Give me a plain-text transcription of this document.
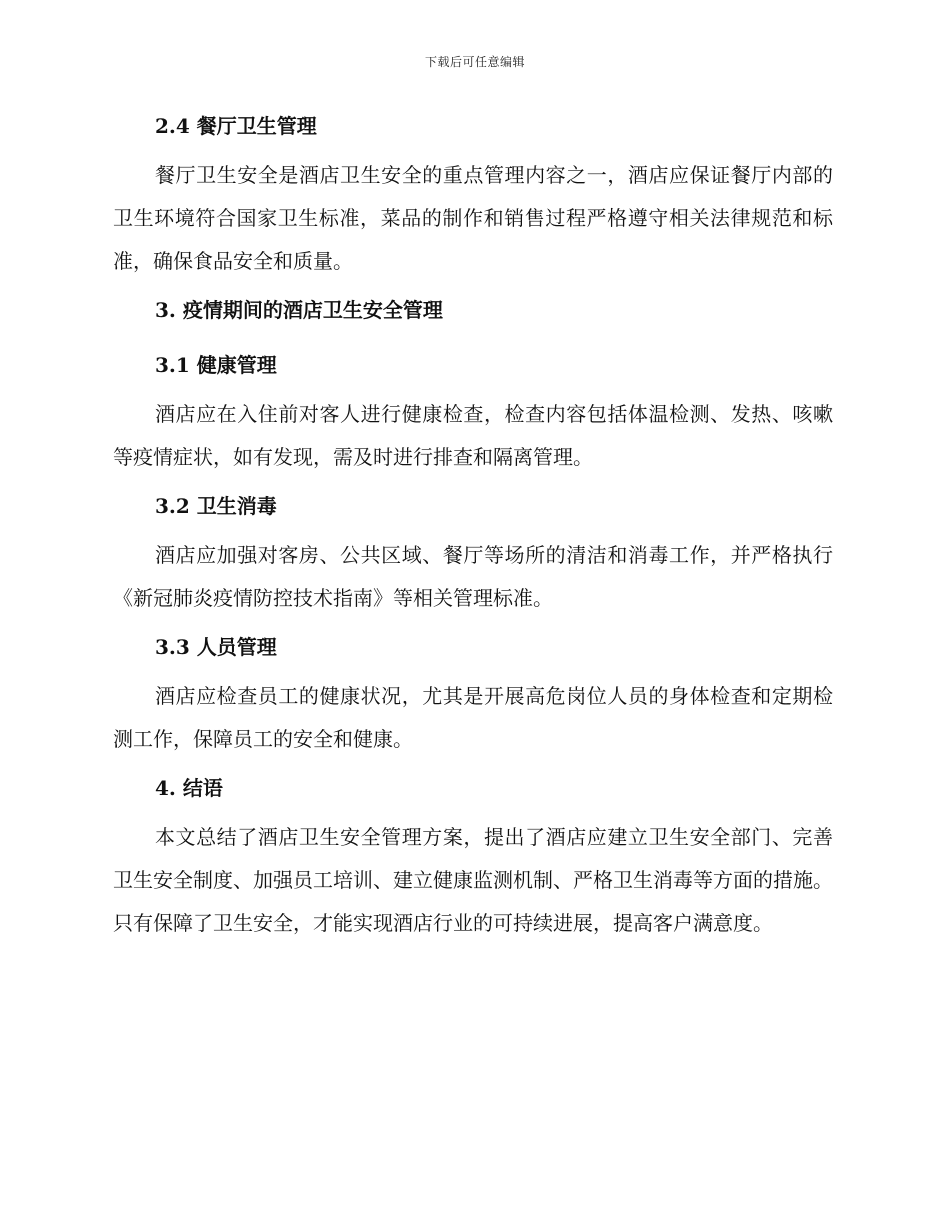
下载后可任意编辑
2.4 餐厅卫生管理

餐厅卫生安全是酒店卫生安全的重点管理内容之一，酒店应保证餐厅内部的卫生环境符合国家卫生标准，菜品的制作和销售过程严格遵守相关法律规范和标准，确保食品安全和质量。

3. 疫情期间的酒店卫生安全管理
3.1 健康管理

酒店应在入住前对客人进行健康检查，检查内容包括体温检测、发热、咳嗽等疫情症状，如有发现，需及时进行排查和隔离管理。

3.2 卫生消毒

酒店应加强对客房、公共区域、餐厅等场所的清洁和消毒工作，并严格执行《新冠肺炎疫情防控技术指南》等相关管理标准。

3.3 人员管理

酒店应检查员工的健康状况，尤其是开展高危岗位人员的身体检查和定期检测工作，保障员工的安全和健康。

4. 结语

本文总结了酒店卫生安全管理方案，提出了酒店应建立卫生安全部门、完善卫生安全制度、加强员工培训、建立健康监测机制、严格卫生消毒等方面的措施。只有保障了卫生安全，才能实现酒店行业的可持续进展，提高客户满意度。
